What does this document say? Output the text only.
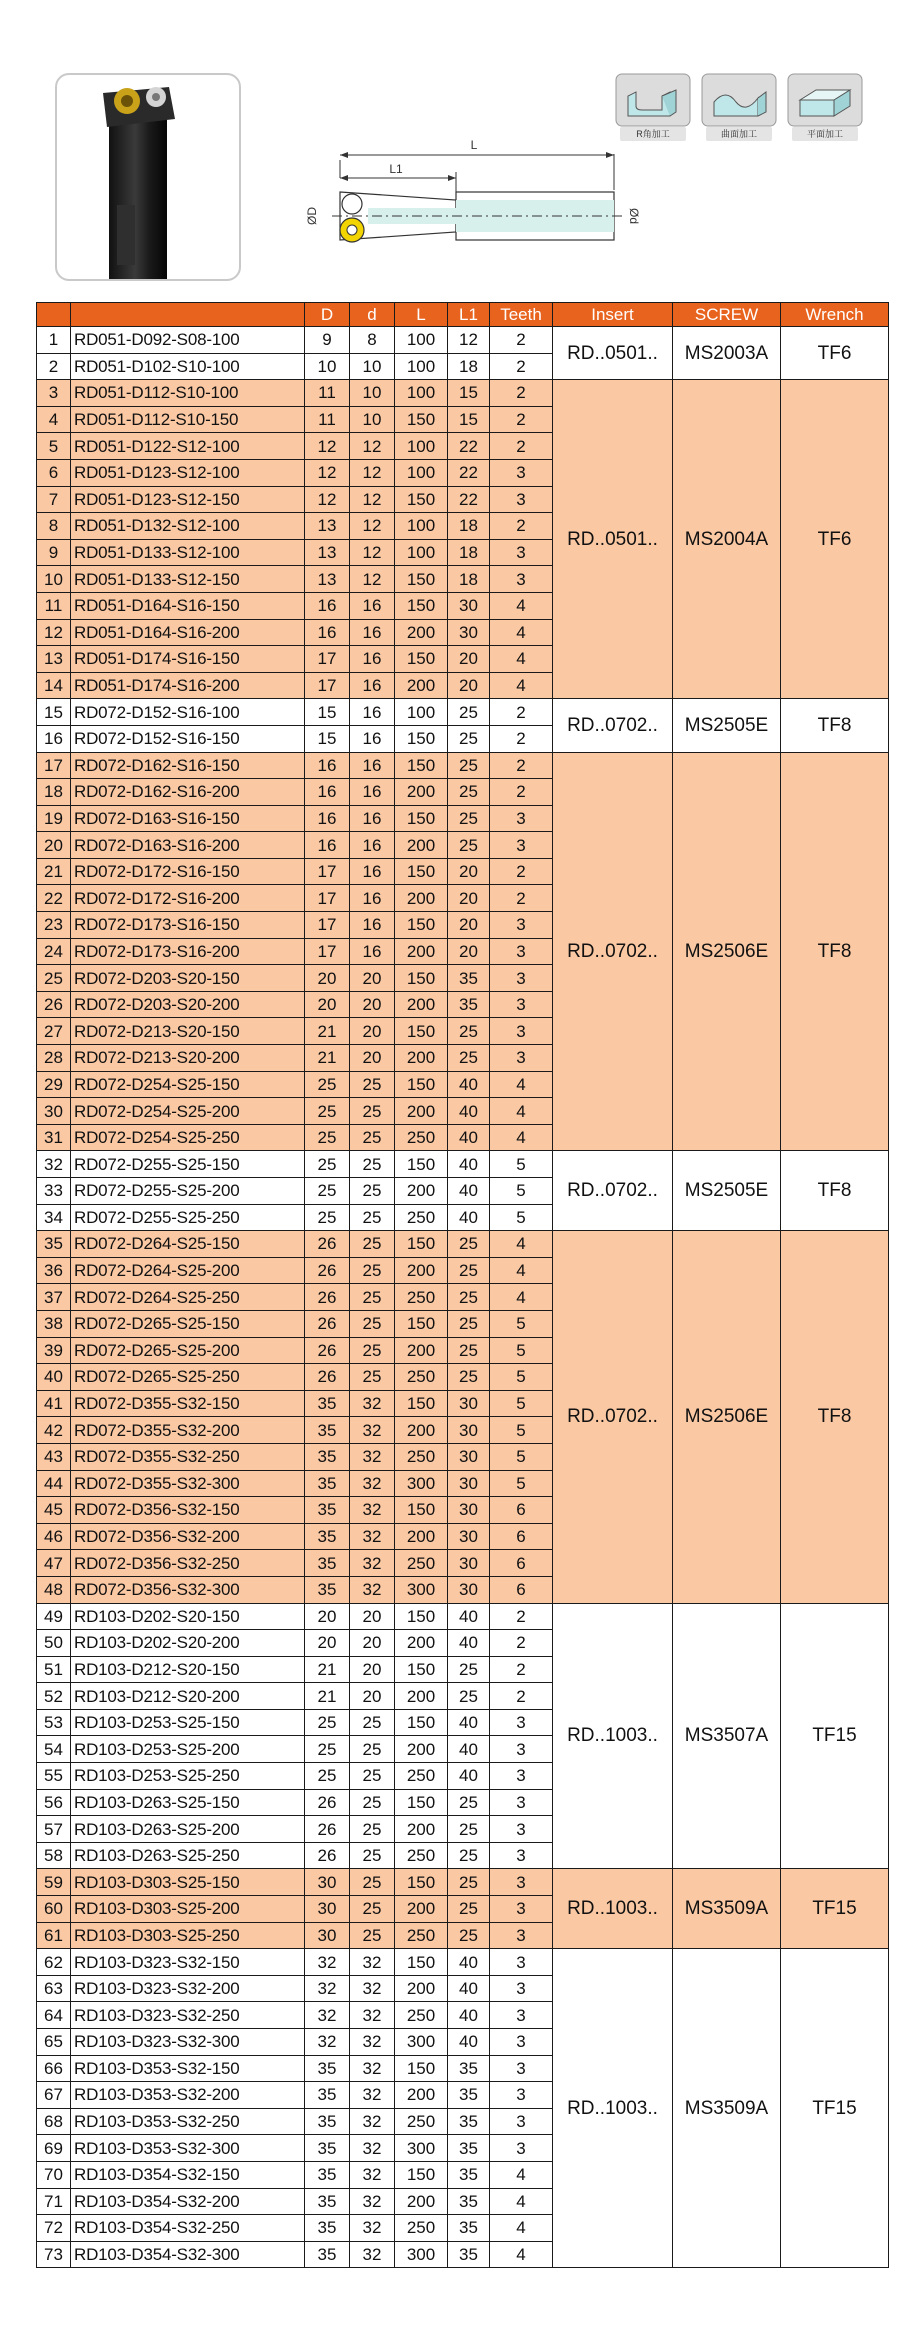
L
L1
ØD	Ød
R角加工	曲面加工	平面加工
		D	d	L	L1	Teeth	Insert	SCREW	Wrench
1	RD051-D092-S08-100	9	8	100	12	2	RD..0501..	MS2003A	TF6
2	RD051-D102-S10-100	10	10	100	18	2			
3	RD051-D112-S10-100	11	10	100	15	2	RD..0501..	MS2004A	TF6
4	RD051-D112-S10-150	11	10	150	15	2			
5	RD051-D122-S12-100	12	12	100	22	2			
6	RD051-D123-S12-100	12	12	100	22	3			
7	RD051-D123-S12-150	12	12	150	22	3			
8	RD051-D132-S12-100	13	12	100	18	2			
9	RD051-D133-S12-100	13	12	100	18	3			
10	RD051-D133-S12-150	13	12	150	18	3			
11	RD051-D164-S16-150	16	16	150	30	4			
12	RD051-D164-S16-200	16	16	200	30	4			
13	RD051-D174-S16-150	17	16	150	20	4			
14	RD051-D174-S16-200	17	16	200	20	4			
15	RD072-D152-S16-100	15	16	100	25	2	RD..0702..	MS2505E	TF8
16	RD072-D152-S16-150	15	16	150	25	2			
17	RD072-D162-S16-150	16	16	150	25	2	RD..0702..	MS2506E	TF8
18	RD072-D162-S16-200	16	16	200	25	2			
19	RD072-D163-S16-150	16	16	150	25	3			
20	RD072-D163-S16-200	16	16	200	25	3			
21	RD072-D172-S16-150	17	16	150	20	2			
22	RD072-D172-S16-200	17	16	200	20	2			
23	RD072-D173-S16-150	17	16	150	20	3			
24	RD072-D173-S16-200	17	16	200	20	3			
25	RD072-D203-S20-150	20	20	150	35	3			
26	RD072-D203-S20-200	20	20	200	35	3			
27	RD072-D213-S20-150	21	20	150	25	3			
28	RD072-D213-S20-200	21	20	200	25	3			
29	RD072-D254-S25-150	25	25	150	40	4			
30	RD072-D254-S25-200	25	25	200	40	4			
31	RD072-D254-S25-250	25	25	250	40	4			
32	RD072-D255-S25-150	25	25	150	40	5	RD..0702..	MS2505E	TF8
33	RD072-D255-S25-200	25	25	200	40	5			
34	RD072-D255-S25-250	25	25	250	40	5			
35	RD072-D264-S25-150	26	25	150	25	4	RD..0702..	MS2506E	TF8
36	RD072-D264-S25-200	26	25	200	25	4			
37	RD072-D264-S25-250	26	25	250	25	4			
38	RD072-D265-S25-150	26	25	150	25	5			
39	RD072-D265-S25-200	26	25	200	25	5			
40	RD072-D265-S25-250	26	25	250	25	5			
41	RD072-D355-S32-150	35	32	150	30	5			
42	RD072-D355-S32-200	35	32	200	30	5			
43	RD072-D355-S32-250	35	32	250	30	5			
44	RD072-D355-S32-300	35	32	300	30	5			
45	RD072-D356-S32-150	35	32	150	30	6			
46	RD072-D356-S32-200	35	32	200	30	6			
47	RD072-D356-S32-250	35	32	250	30	6			
48	RD072-D356-S32-300	35	32	300	30	6			
49	RD103-D202-S20-150	20	20	150	40	2	RD..1003..	MS3507A	TF15
50	RD103-D202-S20-200	20	20	200	40	2			
51	RD103-D212-S20-150	21	20	150	25	2			
52	RD103-D212-S20-200	21	20	200	25	2			
53	RD103-D253-S25-150	25	25	150	40	3			
54	RD103-D253-S25-200	25	25	200	40	3			
55	RD103-D253-S25-250	25	25	250	40	3			
56	RD103-D263-S25-150	26	25	150	25	3			
57	RD103-D263-S25-200	26	25	200	25	3			
58	RD103-D263-S25-250	26	25	250	25	3			
59	RD103-D303-S25-150	30	25	150	25	3	RD..1003..	MS3509A	TF15
60	RD103-D303-S25-200	30	25	200	25	3			
61	RD103-D303-S25-250	30	25	250	25	3			
62	RD103-D323-S32-150	32	32	150	40	3	RD..1003..	MS3509A	TF15
63	RD103-D323-S32-200	32	32	200	40	3			
64	RD103-D323-S32-250	32	32	250	40	3			
65	RD103-D323-S32-300	32	32	300	40	3			
66	RD103-D353-S32-150	35	32	150	35	3			
67	RD103-D353-S32-200	35	32	200	35	3			
68	RD103-D353-S32-250	35	32	250	35	3			
69	RD103-D353-S32-300	35	32	300	35	3			
70	RD103-D354-S32-150	35	32	150	35	4			
71	RD103-D354-S32-200	35	32	200	35	4			
72	RD103-D354-S32-250	35	32	250	35	4			
73	RD103-D354-S32-300	35	32	300	35	4			
